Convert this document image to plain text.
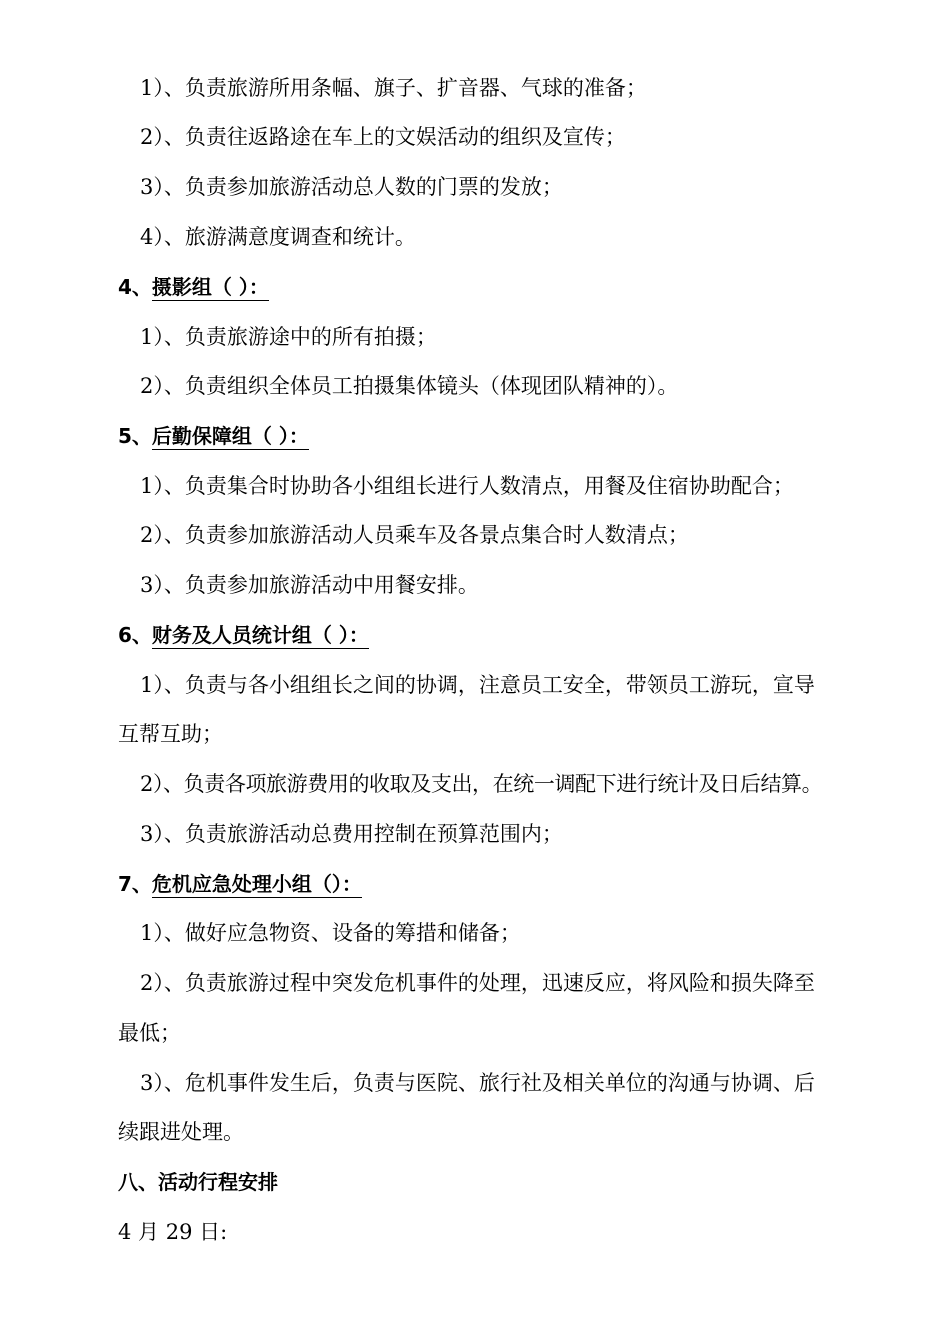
1）、负责旅游所用条幅、旗子、扩音器、气球的准备；
2）、负责往返路途在车上的文娱活动的组织及宣传；
3）、负责参加旅游活动总人数的门票的发放；
4）、旅游满意度调查和统计。
4、摄影组（ ）：
1）、负责旅游途中的所有拍摄；
2）、负责组织全体员工拍摄集体镜头（体现团队精神的）。
5、后勤保障组（ ）：
1）、负责集合时协助各小组组长进行人数清点，用餐及住宿协助配合；
2）、负责参加旅游活动人员乘车及各景点集合时人数清点；
3）、负责参加旅游活动中用餐安排。
6、财务及人员统计组（ ）：
1）、负责与各小组组长之间的协调，注意员工安全，带领员工游玩，宣导
互帮互助；
2）、负责各项旅游费用的收取及支出，在统一调配下进行统计及日后结算。
3）、负责旅游活动总费用控制在预算范围内；
7、危机应急处理小组（）：
1）、做好应急物资、设备的筹措和储备；
2）、负责旅游过程中突发危机事件的处理，迅速反应，将风险和损失降至
最低；
3）、危机事件发生后，负责与医院、旅行社及相关单位的沟通与协调、后
续跟进处理。
八、活动行程安排
4 月 29 日:
